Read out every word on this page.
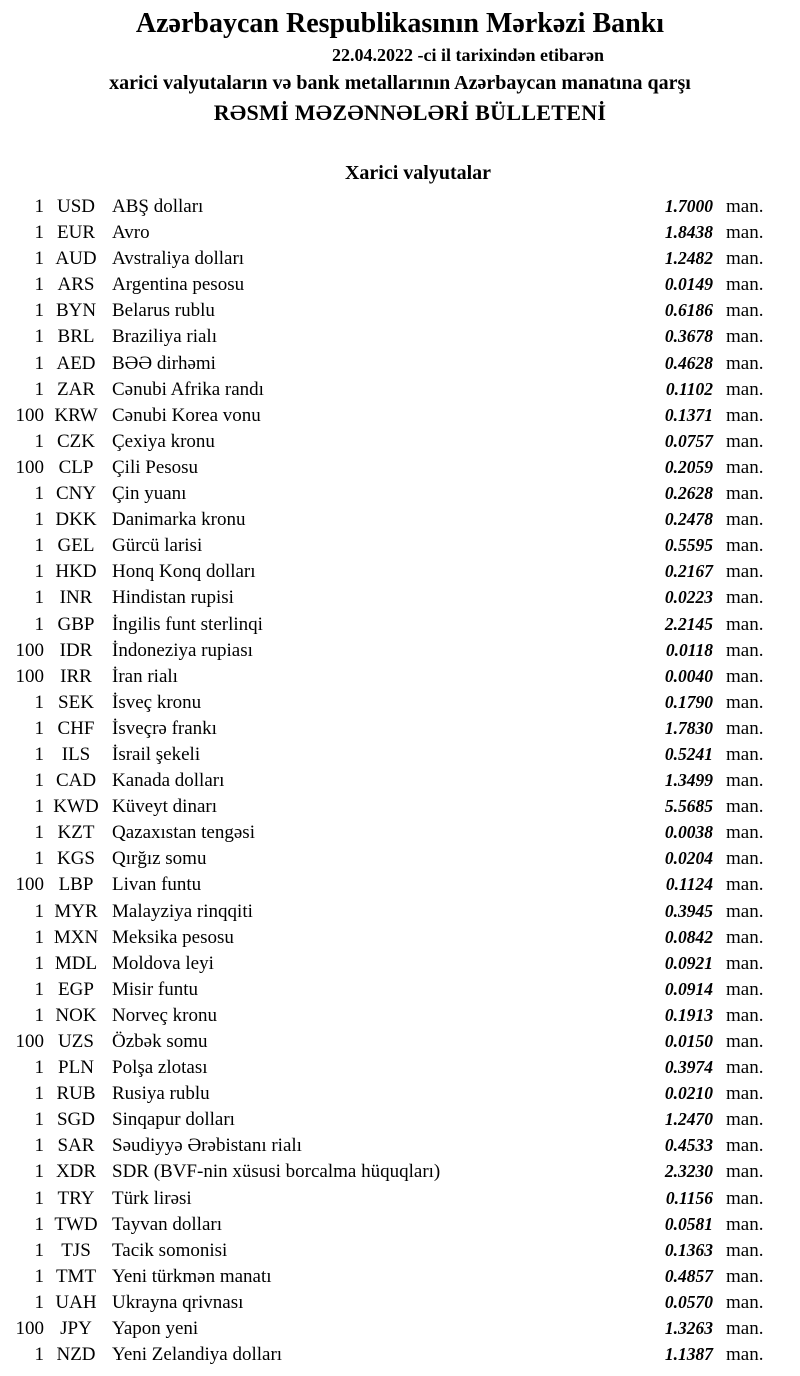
Azərbaycan Respublikasının Mərkəzi Bankı
22.04.2022 -ci il tarixindən etibarən
xarici valyutaların və bank metallarının Azərbaycan manatına qarşı
RƏSMİ MƏZƏNNƏLƏRİ BÜLLETENİ
Xarici valyutalar
1 USD ABŞ dolları	1.7000 man.
1 EUR Avro	1.8438 man.
1 AUD Avstraliya dolları	1.2482 man.
1 ARS Argentina pesosu	0.0149 man.
1 BYN Belarus rublu	0.6186 man.
1 BRL Braziliya rialı	0.3678 man.
1 AED BƏƏ dirhəmi	0.4628 man.
1 ZAR Cənubi Afrika randı	0.1102 man.
100 KRW Cənubi Korea vonu	0.1371 man.
1 CZK Çexiya kronu	0.0757 man.
100 CLP Çili Pesosu	0.2059 man.
1 CNY Çin yuanı	0.2628 man.
1 DKK Danimarka kronu	0.2478 man.
1 GEL Gürcü larisi	0.5595 man.
1 HKD Honq Konq dolları	0.2167 man.
1 INR	Hindistan rupisi	0.0223 man.
1 GBP İngilis funt sterlinqi	2.2145 man.
100 IDR	İndoneziya rupiası	0.0118 man.
100 IRR	İran rialı	0.0040 man.
1 SEK İsveç kronu	0.1790 man.
1 CHF İsveçrə frankı	1.7830 man.
1 ILS	İsrail şekeli	0.5241 man.
1 CAD Kanada dolları	1.3499 man.
1 KWD Küveyt dinarı	5.5685 man.
1 KZT Qazaxıstan tengəsi	0.0038 man.
1 KGS Qırğız somu	0.0204 man.
100 LBP Livan funtu	0.1124 man.
1 MYR Malayziya rinqqiti	0.3945 man.
1 MXN Meksika pesosu	0.0842 man.
1 MDL Moldova leyi	0.0921 man.
1 EGP Misir funtu	0.0914 man.
1 NOK Norveç kronu	0.1913 man.
100 UZS Özbək somu	0.0150 man.
1 PLN Polşa zlotası	0.3974 man.
1 RUB Rusiya rublu	0.0210 man.
1 SGD Sinqapur dolları	1.2470 man.
1 SAR Səudiyyə Ərəbistanı rialı	0.4533 man.
1 XDR SDR (BVF-nin xüsusi borcalma hüquqları)	2.3230 man.
1 TRY Türk lirəsi	0.1156 man.
1 TWD Tayvan dolları	0.0581 man.
1 TJS	Tacik somonisi	0.1363 man.
1 TMT Yeni türkmən manatı	0.4857 man.
1 UAH Ukrayna qrivnası	0.0570 man.
100 JPY	Yapon yeni	1.3263 man.
1 NZD Yeni Zelandiya dolları	1.1387 man.
